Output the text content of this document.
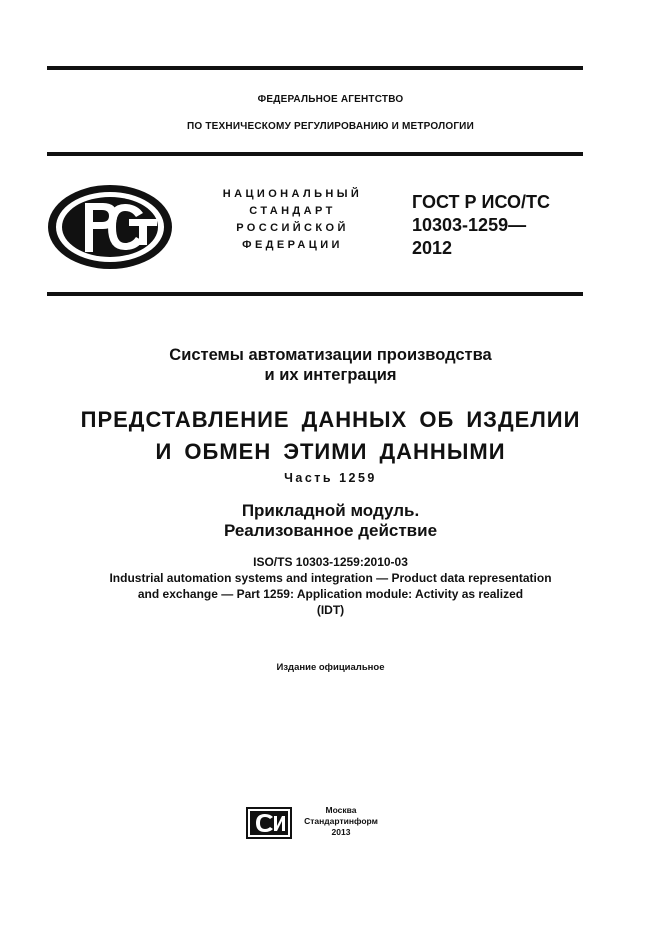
ФЕДЕРАЛЬНОЕ АГЕНТСТВО
ПО ТЕХНИЧЕСКОМУ РЕГУЛИРОВАНИЮ И МЕТРОЛОГИИ
НАЦИОНАЛЬНЫЙ
СТАНДАРТ
РОССИЙСКОЙ
ФЕДЕРАЦИИ
ГОСТ Р ИСО/ТС
10303-1259—
2012
Системы автоматизации производства
и их интеграция
ПРЕДСТАВЛЕНИЕ ДАННЫХ ОБ ИЗДЕЛИИ
И ОБМЕН ЭТИМИ ДАННЫМИ
Часть 1259
Прикладной модуль.
Реализованное действие
ISO/TS 10303-1259:2010-03
Industrial automation systems and integration — Product data representation
and exchange — Part 1259: Application module: Activity as realized
(IDT)
Издание официальное
Москва
Стандартинформ
2013
